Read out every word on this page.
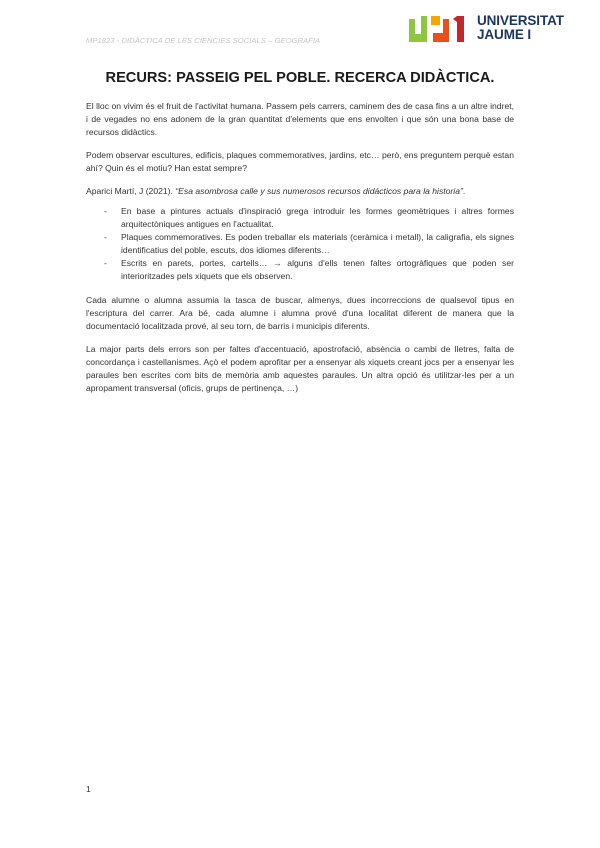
MP1823 - DIDÀCTICA DE LES CIÈNCIES SOCIALS – GEOGRAFIA
UNIVERSITAT
JAUME I
RECURS: PASSEIG PEL POBLE. RECERCA DIDÀCTICA.

El lloc on vivim és el fruit de l'activitat humana. Passem pels carrers, caminem des de casa fins a un altre indret, i de vegades no ens adonem de la gran quantitat d'elements que ens envolten i que són una bona base de recursos didàctics.

Podem observar escultures, edificis, plaques commemoratives, jardins, etc… però, ens preguntem perquè estan ahí? Quin és el motiu? Han estat sempre?

Aparici Martí, J (2021). “Esa asombrosa calle y sus numerosos recursos didácticos para la historia”.

- En base a pintures actuals d'inspiració grega introduir les formes geomètriques i altres formes arquitectòniques antigues en l'actualitat.
- Plaques commemoratives. Es poden treballar els materials (ceràmica i metall), la caligrafia, els signes identificatius del poble, escuts, dos idiomes diferents…
- Escrits en parets, portes, cartells… → alguns d'ells tenen faltes ortogràfiques que poden ser interioritzades pels xiquets que els observen.

Cada alumne o alumna assumia la tasca de buscar, almenys, dues incorreccions de qualsevol tipus en l'escriptura del carrer. Ara bé, cada alumne i alumna prové d'una localitat diferent de manera que la documentació localitzada prové, al seu torn, de barris i municipis diferents.

La major parts dels errors son per faltes d'accentuació, apostrofació, absència o cambi de lletres, falta de concordança i castellanismes. Açò el podem aprofitar per a ensenyar als xiquets creant jocs per a ensenyar les paraules ben escrites com bits de memòria amb aquestes paraules. Un altra opció és utilitzar-les per a un apropament transversal (oficis, grups de pertinença, …)

1
